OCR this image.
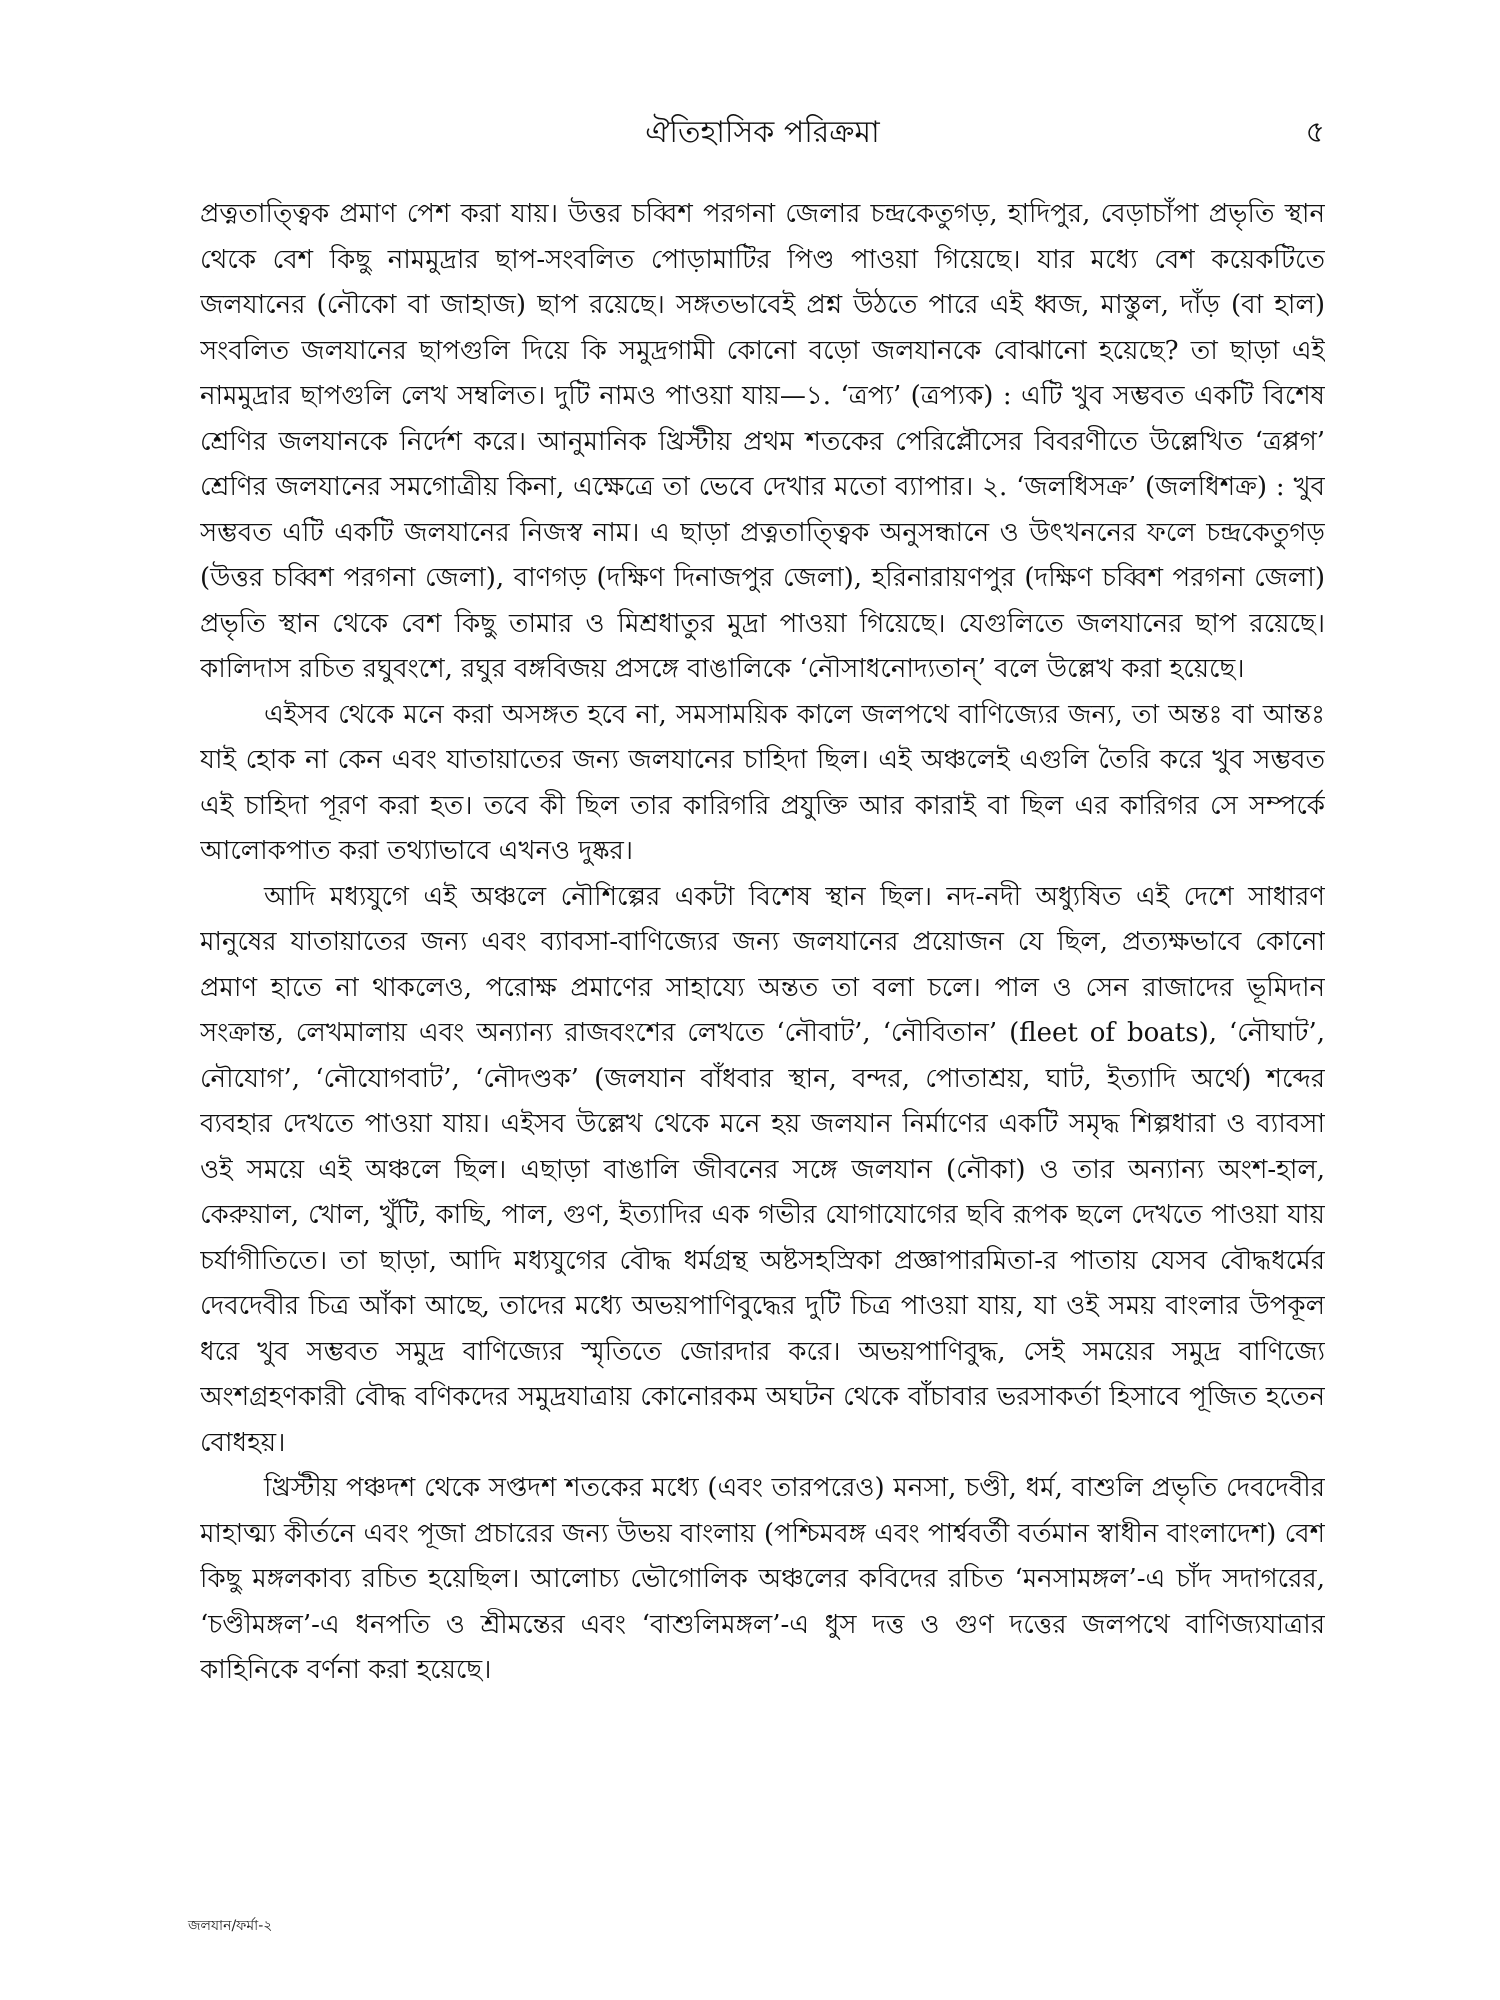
ঐতিহাসিক পরিক্রমা	৫

প্রত্নতাত্ত্বিক প্রমাণ পেশ করা যায়। উত্তর চব্বিশ পরগনা জেলার চন্দ্রকেতুগড়, হাদিপুর, বেড়াচাঁপা প্রভৃতি স্থান থেকে বেশ কিছু নামমুদ্রার ছাপ-সংবলিত পোড়ামাটির পিণ্ড পাওয়া গিয়েছে। যার মধ্যে বেশ কয়েকটিতে জলযানের (নৌকো বা জাহাজ) ছাপ রয়েছে। সঙ্গতভাবেই প্রশ্ন উঠতে পারে এই ধ্বজ, মাস্তুল, দাঁড় (বা হাল) সংবলিত জলযানের ছাপগুলি দিয়ে কি সমুদ্রগামী কোনো বড়ো জলযানকে বোঝানো হয়েছে? তা ছাড়া এই নামমুদ্রার ছাপগুলি লেখ সম্বলিত। দুটি নামও পাওয়া যায়—১. ‘ত্রপ্য’ (ত্রপ্যক) : এটি খুব সম্ভবত একটি বিশেষ শ্রেণির জলযানকে নির্দেশ করে। আনুমানিক খ্রিস্টীয় প্রথম শতকের পেরিপ্লৌসের বিবরণীতে উল্লেখিত ‘ত্রপ্পগ’ শ্রেণির জলযানের সমগোত্রীয় কিনা, এক্ষেত্রে তা ভেবে দেখার মতো ব্যাপার। ২. ‘জলধিসক্র’ (জলধিশক্র) : খুব সম্ভবত এটি একটি জলযানের নিজস্ব নাম। এ ছাড়া প্রত্নতাত্ত্বিক অনুসন্ধানে ও উৎখননের ফলে চন্দ্রকেতুগড় (উত্তর চব্বিশ পরগনা জেলা), বাণগড় (দক্ষিণ দিনাজপুর জেলা), হরিনারায়ণপুর (দক্ষিণ চব্বিশ পরগনা জেলা) প্রভৃতি স্থান থেকে বেশ কিছু তামার ও মিশ্রধাতুর মুদ্রা পাওয়া গিয়েছে। যেগুলিতে জলযানের ছাপ রয়েছে। কালিদাস রচিত রঘুবংশে, রঘুর বঙ্গবিজয় প্রসঙ্গে বাঙালিকে ‘নৌসাধনোদ্যতান্’ বলে উল্লেখ করা হয়েছে।

এইসব থেকে মনে করা অসঙ্গত হবে না, সমসাময়িক কালে জলপথে বাণিজ্যের জন্য, তা অন্তঃ বা আন্তঃ যাই হোক না কেন এবং যাতায়াতের জন্য জলযানের চাহিদা ছিল। এই অঞ্চলেই এগুলি তৈরি করে খুব সম্ভবত এই চাহিদা পূরণ করা হত। তবে কী ছিল তার কারিগরি প্রযুক্তি আর কারাই বা ছিল এর কারিগর সে সম্পর্কে আলোকপাত করা তথ্যাভাবে এখনও দুষ্কর।

আদি মধ্যযুগে এই অঞ্চলে নৌশিল্পের একটা বিশেষ স্থান ছিল। নদ-নদী অধ্যুষিত এই দেশে সাধারণ মানুষের যাতায়াতের জন্য এবং ব্যাবসা-বাণিজ্যের জন্য জলযানের প্রয়োজন যে ছিল, প্রত্যক্ষভাবে কোনো প্রমাণ হাতে না থাকলেও, পরোক্ষ প্রমাণের সাহায্যে অন্তত তা বলা চলে। পাল ও সেন রাজাদের ভূমিদান সংক্রান্ত, লেখমালায় এবং অন্যান্য রাজবংশের লেখতে ‘নৌবাট’, ‘নৌবিতান’ (fleet of boats), ‘নৌঘাট’, নৌযোগ’, ‘নৌযোগবাট’, ‘নৌদণ্ডক’ (জলযান বাঁধবার স্থান, বন্দর, পোতাশ্রয়, ঘাট, ইত্যাদি অর্থে) শব্দের ব্যবহার দেখতে পাওয়া যায়। এইসব উল্লেখ থেকে মনে হয় জলযান নির্মাণের একটি সমৃদ্ধ শিল্পধারা ও ব্যাবসা ওই সময়ে এই অঞ্চলে ছিল। এছাড়া বাঙালি জীবনের সঙ্গে জলযান (নৌকা) ও তার অন্যান্য অংশ-হাল, কেরুয়াল, খোল, খুঁটি, কাছি, পাল, গুণ, ইত্যাদির এক গভীর যোগাযোগের ছবি রূপক ছলে দেখতে পাওয়া যায় চর্যাগীতিতে। তা ছাড়া, আদি মধ্যযুগের বৌদ্ধ ধর্মগ্রন্থ অষ্টসহস্রিকা প্রজ্ঞাপারমিতা-র পাতায় যেসব বৌদ্ধধর্মের দেবদেবীর চিত্র আঁকা আছে, তাদের মধ্যে অভয়পাণিবুদ্ধের দুটি চিত্র পাওয়া যায়, যা ওই সময় বাংলার উপকূল ধরে খুব সম্ভবত সমুদ্র বাণিজ্যের স্মৃতিতে জোরদার করে। অভয়পাণিবুদ্ধ, সেই সময়ের সমুদ্র বাণিজ্যে অংশগ্রহণকারী বৌদ্ধ বণিকদের সমুদ্রযাত্রায় কোনোরকম অঘটন থেকে বাঁচাবার ভরসাকর্তা হিসাবে পূজিত হতেন বোধহয়।

খ্রিস্টীয় পঞ্চদশ থেকে সপ্তদশ শতকের মধ্যে (এবং তারপরেও) মনসা, চণ্ডী, ধর্ম, বাশুলি প্রভৃতি দেবদেবীর মাহাত্ম্য কীর্তনে এবং পূজা প্রচারের জন্য উভয় বাংলায় (পশ্চিমবঙ্গ এবং পার্শ্ববর্তী বর্তমান স্বাধীন বাংলাদেশ) বেশ কিছু মঙ্গলকাব্য রচিত হয়েছিল। আলোচ্য ভৌগোলিক অঞ্চলের কবিদের রচিত ‘মনসামঙ্গল’-এ চাঁদ সদাগরের, ‘চণ্ডীমঙ্গল’-এ ধনপতি ও শ্রীমন্তের এবং ‘বাশুলিমঙ্গল’-এ ধুস দত্ত ও গুণ দত্তের জলপথে বাণিজ্যযাত্রার কাহিনিকে বর্ণনা করা হয়েছে।

জলযান/ফর্মা-২
